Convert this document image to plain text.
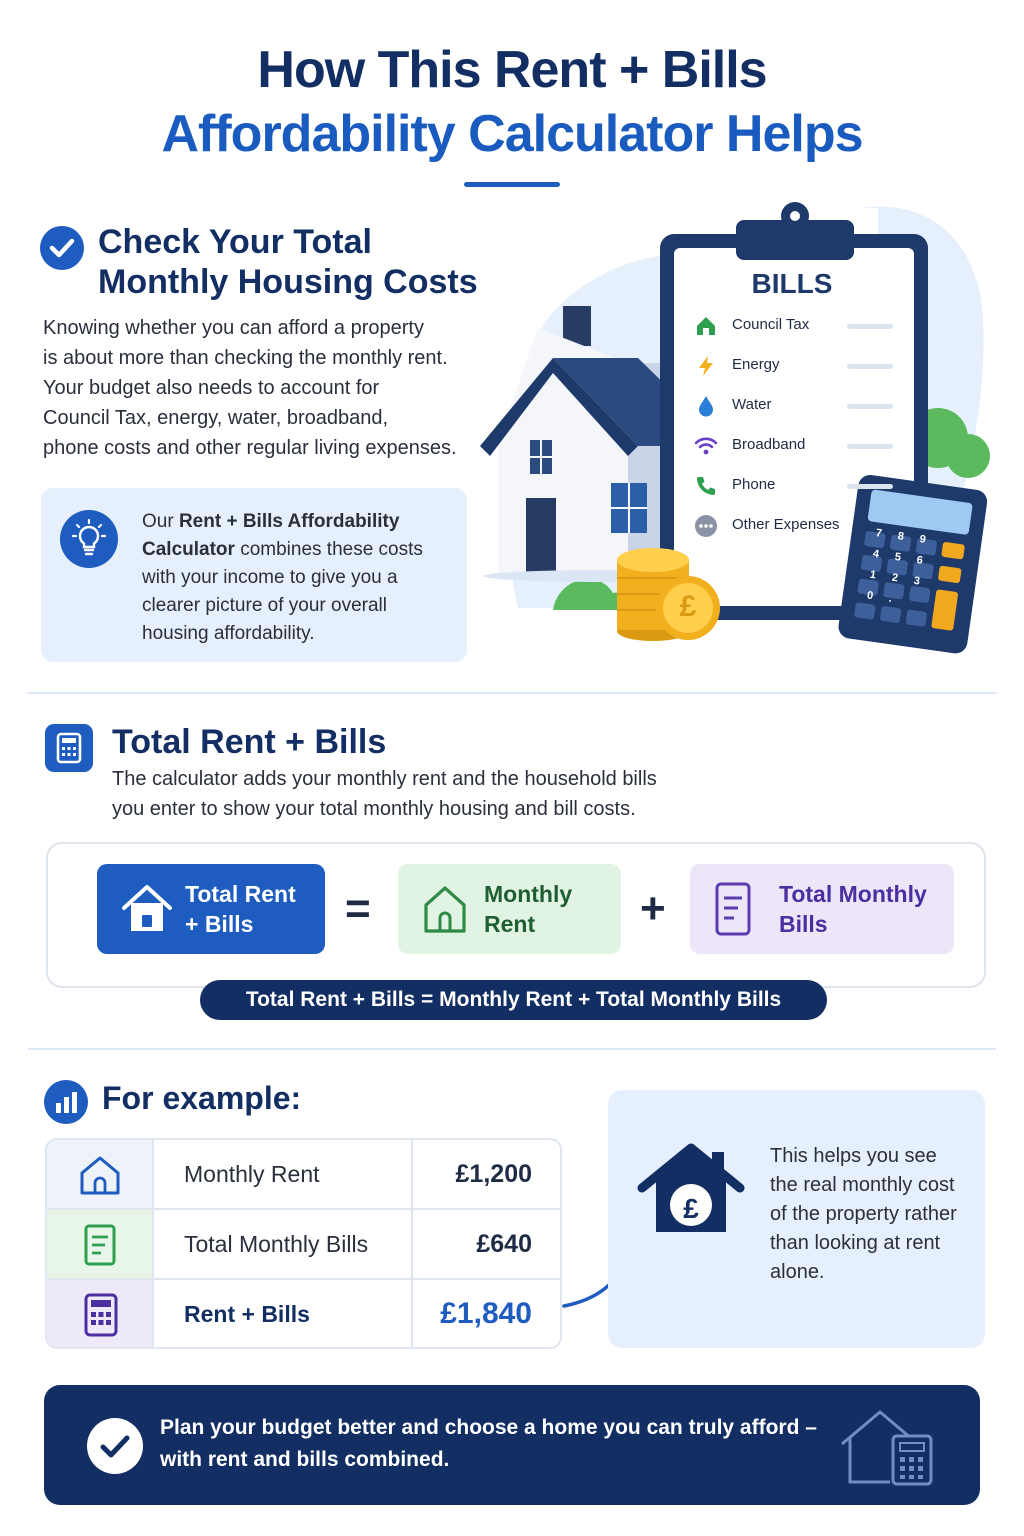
How This Rent + Bills
Affordability Calculator Helps
Check Your Total
Monthly Housing Costs
Knowing whether you can afford a property
is about more than checking the monthly rent.
Your budget also needs to account for
Council Tax, energy, water, broadband,
phone costs and other regular living expenses.
Our Rent + Bills Affordability Calculator combines these costs with your income to give you a clearer picture of your overall housing affordability.
£
BILLS
Council Tax
Energy
Water
Broadband
Phone
Other Expenses
7 8 9
4 5 6
1 2 3
0 .
Total Rent + Bills
The calculator adds your monthly rent and the household bills
you enter to show your total monthly housing and bill costs.
Total Rent
+ Bills	=	Monthly
Rent	+	Total Monthly
Bills
Total Rent + Bills = Monthly Rent + Total Monthly Bills
For example:
Monthly Rent	£1,200
Total Monthly Bills	£640
Rent + Bills	£1,840
£
This helps you see the real monthly cost of the property rather than looking at rent alone.
Plan your budget better and choose a home you can truly afford –
with rent and bills combined.
